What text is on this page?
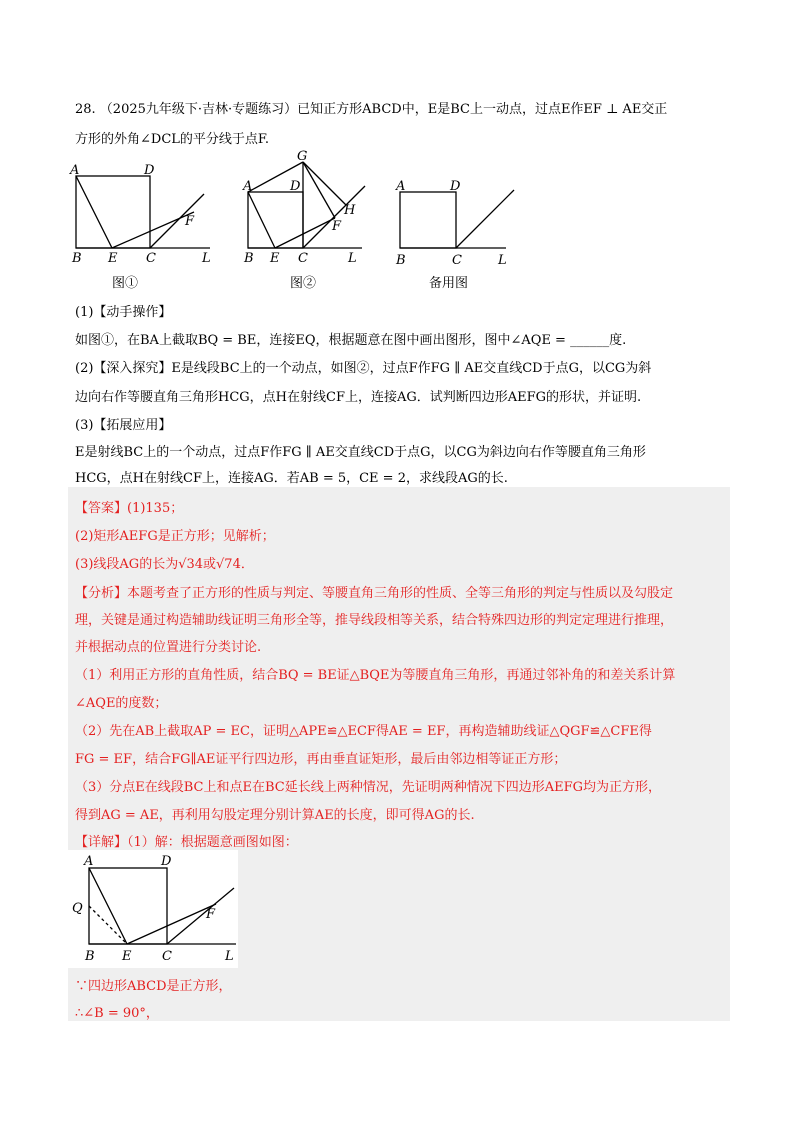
28. （2025九年级下·吉林·专题练习）已知正方形ABCD中，E是BC上一动点，过点E作EF ⊥ AE交正
方形的外角∠DCL的平分线于点F.
A	D
F
B E C	L
图①
G
A	D
H
F
B E C	L
图②
A	D
B	C	L
备用图
(1)【动手操作】
如图①，在BA上截取BQ = BE，连接EQ，根据题意在图中画出图形，图中∠AQE = ______度.
(2)【深入探究】E是线段BC上的一个动点，如图②，过点F作FG ∥ AE交直线CD于点G，以CG为斜
边向右作等腰直角三角形HCG，点H在射线CF上，连接AG．试判断四边形AEFG的形状，并证明.
(3)【拓展应用】
E是射线BC上的一个动点，过点F作FG ∥ AE交直线CD于点G，以CG为斜边向右作等腰直角三角形
HCG，点H在射线CF上，连接AG．若AB = 5，CE = 2，求线段AG的长.
【答案】(1)135；
(2)矩形AEFG是正方形；见解析；
(3)线段AG的长为√34或√74．
【分析】本题考查了正方形的性质与判定、等腰直角三角形的性质、全等三角形的判定与性质以及勾股定
理，关键是通过构造辅助线证明三角形全等，推导线段相等关系，结合特殊四边形的判定定理进行推理，
并根据动点的位置进行分类讨论.
（1）利用正方形的直角性质，结合BQ = BE证△BQE为等腰直角三角形，再通过邻补角的和差关系计算
∠AQE的度数；
（2）先在AB上截取AP = EC，证明△APE≌△ECF得AE = EF，再构造辅助线证△QGF≌△CFE得
FG = EF，结合FG∥AE证平行四边形，再由垂直证矩形，最后由邻边相等证正方形；
（3）分点E在线段BC上和点E在BC延长线上两种情况，先证明两种情况下四边形AEFG均为正方形，
得到AG = AE，再利用勾股定理分别计算AE的长度，即可得AG的长.
【详解】（1）解：根据题意画图如图：
A	D
Q	F
B E C	L
∵四边形ABCD是正方形，
∴∠B = 90°，
